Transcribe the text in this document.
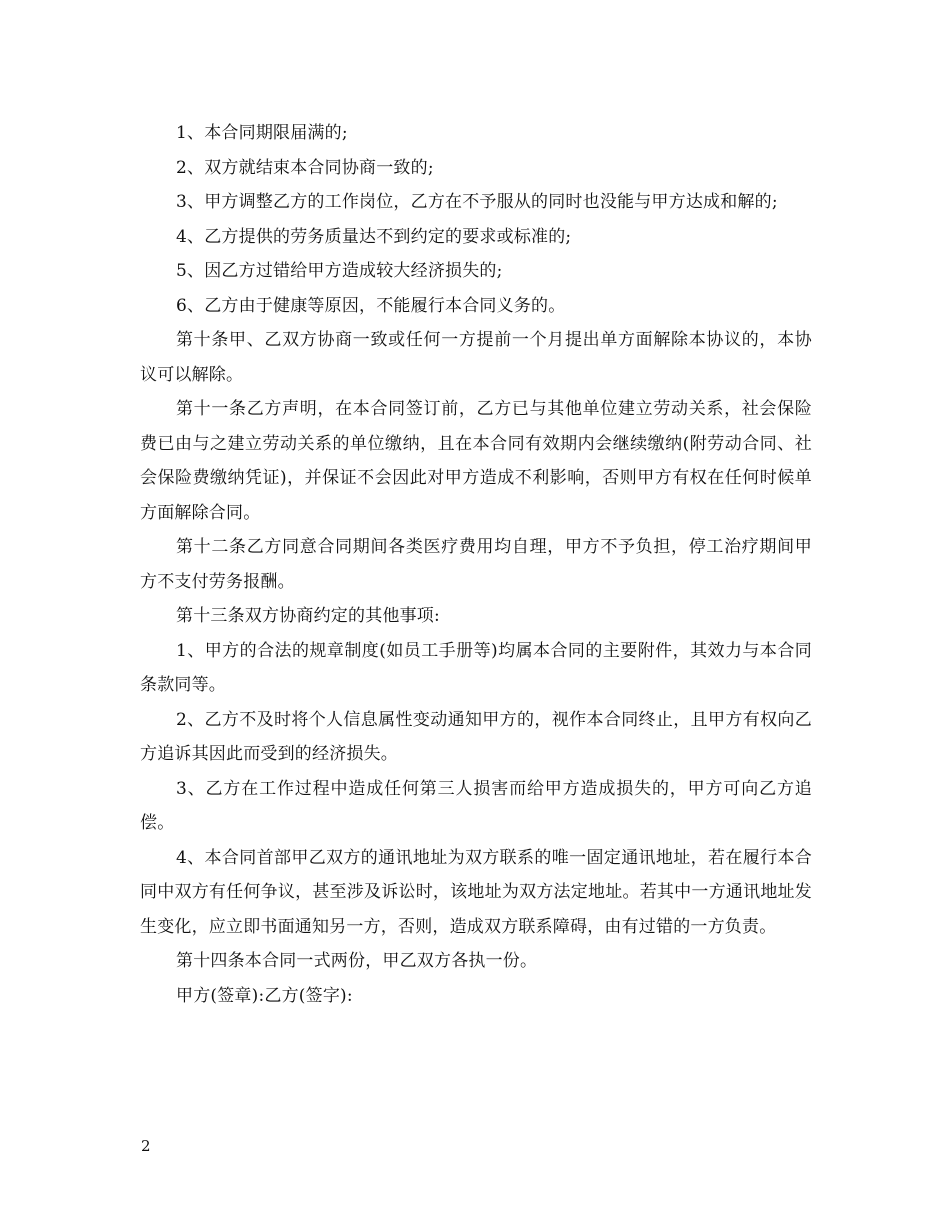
1、本合同期限届满的;

2、双方就结束本合同协商一致的;

3、甲方调整乙方的工作岗位，乙方在不予服从的同时也没能与甲方达成和解的;

4、乙方提供的劳务质量达不到约定的要求或标准的;

5、因乙方过错给甲方造成较大经济损失的;

6、乙方由于健康等原因，不能履行本合同义务的。

第十条甲、乙双方协商一致或任何一方提前一个月提出单方面解除本协议的，本协议可以解除。

第十一条乙方声明，在本合同签订前，乙方已与其他单位建立劳动关系，社会保险费已由与之建立劳动关系的单位缴纳，且在本合同有效期内会继续缴纳(附劳动合同、社会保险费缴纳凭证)，并保证不会因此对甲方造成不利影响，否则甲方有权在任何时候单方面解除合同。

第十二条乙方同意合同期间各类医疗费用均自理，甲方不予负担，停工治疗期间甲方不支付劳务报酬。

第十三条双方协商约定的其他事项:

1、甲方的合法的规章制度(如员工手册等)均属本合同的主要附件，其效力与本合同条款同等。

2、乙方不及时将个人信息属性变动通知甲方的，视作本合同终止，且甲方有权向乙方追诉其因此而受到的经济损失。

3、乙方在工作过程中造成任何第三人损害而给甲方造成损失的，甲方可向乙方追偿。

4、本合同首部甲乙双方的通讯地址为双方联系的唯一固定通讯地址，若在履行本合同中双方有任何争议，甚至涉及诉讼时，该地址为双方法定地址。若其中一方通讯地址发生变化，应立即书面通知另一方，否则，造成双方联系障碍，由有过错的一方负责。

第十四条本合同一式两份，甲乙双方各执一份。

甲方(签章):乙方(签字):

2
